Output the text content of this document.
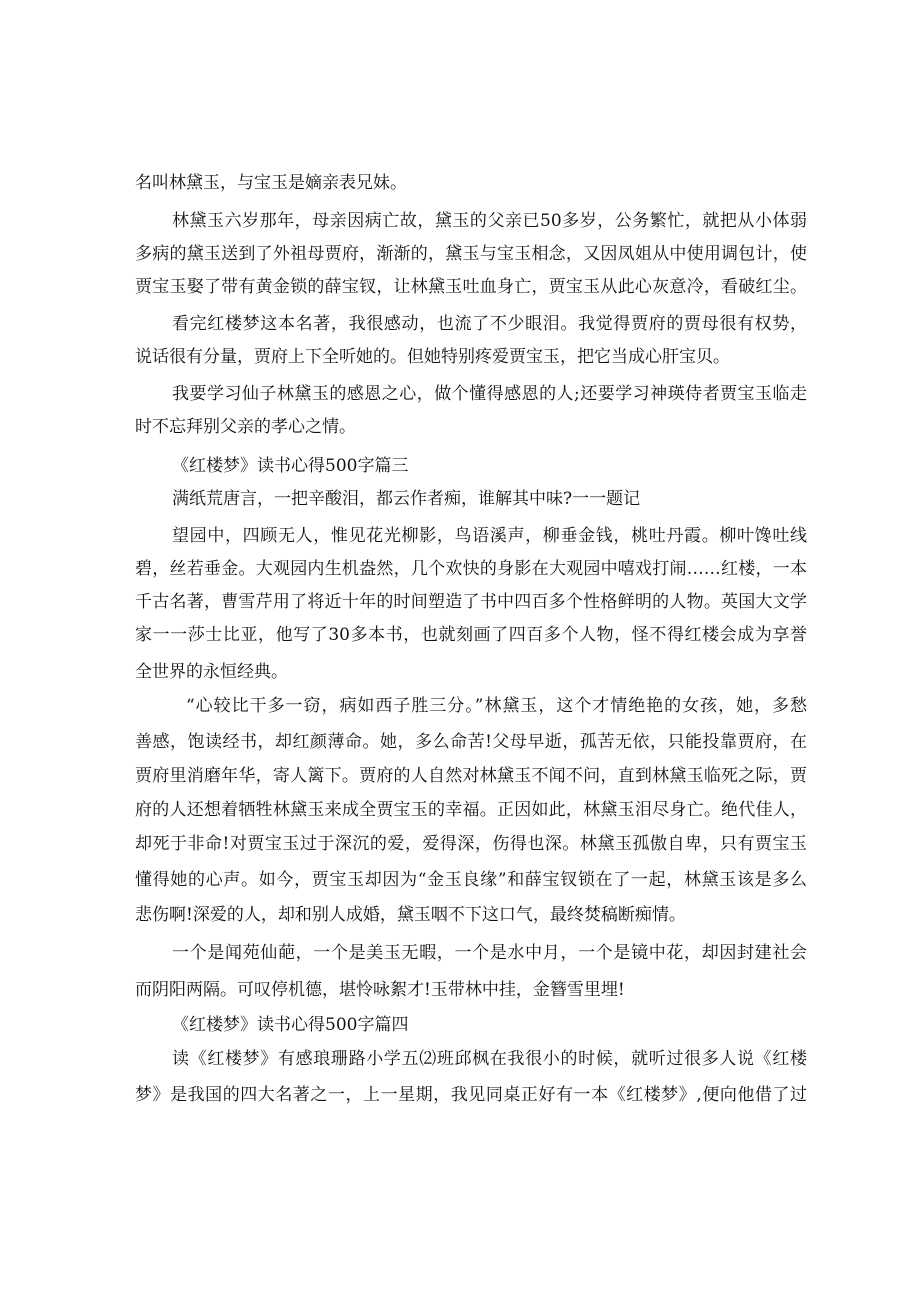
名叫林黛玉，与宝玉是嫡亲表兄妹。
林黛玉六岁那年，母亲因病亡故，黛玉的父亲已50多岁，公务繁忙，就把从小体弱
多病的黛玉送到了外祖母贾府，渐渐的，黛玉与宝玉相念，又因凤姐从中使用调包计，使
贾宝玉娶了带有黄金锁的薛宝钗，让林黛玉吐血身亡，贾宝玉从此心灰意冷，看破红尘。
看完红楼梦这本名著，我很感动，也流了不少眼泪。我觉得贾府的贾母很有权势，
说话很有分量，贾府上下全听她的。但她特别疼爱贾宝玉，把它当成心肝宝贝。
我要学习仙子林黛玉的感恩之心，做个懂得感恩的人;还要学习神瑛侍者贾宝玉临走
时不忘拜别父亲的孝心之情。
《红楼梦》读书心得500字篇三
满纸荒唐言，一把辛酸泪，都云作者痴，谁解其中味?一一题记
望园中，四顾无人，惟见花光柳影，鸟语溪声，柳垂金钱，桃吐丹霞。柳叶馋吐线
碧，丝若垂金。大观园内生机盎然，几个欢快的身影在大观园中嘻戏打闹……红楼，一本
千古名著，曹雪芹用了将近十年的时间塑造了书中四百多个性格鲜明的人物。英国大文学
家一一莎士比亚，他写了30多本书，也就刻画了四百多个人物，怪不得红楼会成为享誉
全世界的永恒经典。
“心较比干多一窃，病如西子胜三分。”林黛玉，这个才情绝艳的女孩，她，多愁
善感，饱读经书，却红颜薄命。她，多么命苦!父母早逝，孤苦无依，只能投靠贾府，在
贾府里消磨年华，寄人篱下。贾府的人自然对林黛玉不闻不问，直到林黛玉临死之际，贾
府的人还想着牺牲林黛玉来成全贾宝玉的幸福。正因如此，林黛玉泪尽身亡。绝代佳人，
却死于非命!对贾宝玉过于深沉的爱，爱得深，伤得也深。林黛玉孤傲自卑，只有贾宝玉
懂得她的心声。如今，贾宝玉却因为“金玉良缘”和薛宝钗锁在了一起，林黛玉该是多么
悲伤啊!深爱的人，却和别人成婚，黛玉咽不下这口气，最终焚稿断痴情。
一个是闻苑仙葩，一个是美玉无暇，一个是水中月，一个是镜中花，却因封建社会
而阴阳两隔。可叹停机德，堪怜咏絮才!玉带林中挂，金簪雪里埋!
《红楼梦》读书心得500字篇四
读《红楼梦》有感琅珊路小学五⑵班邱枫在我很小的时候，就听过很多人说《红楼
梦》是我国的四大名著之一，上一星期，我见同桌正好有一本《红楼梦》,便向他借了过
